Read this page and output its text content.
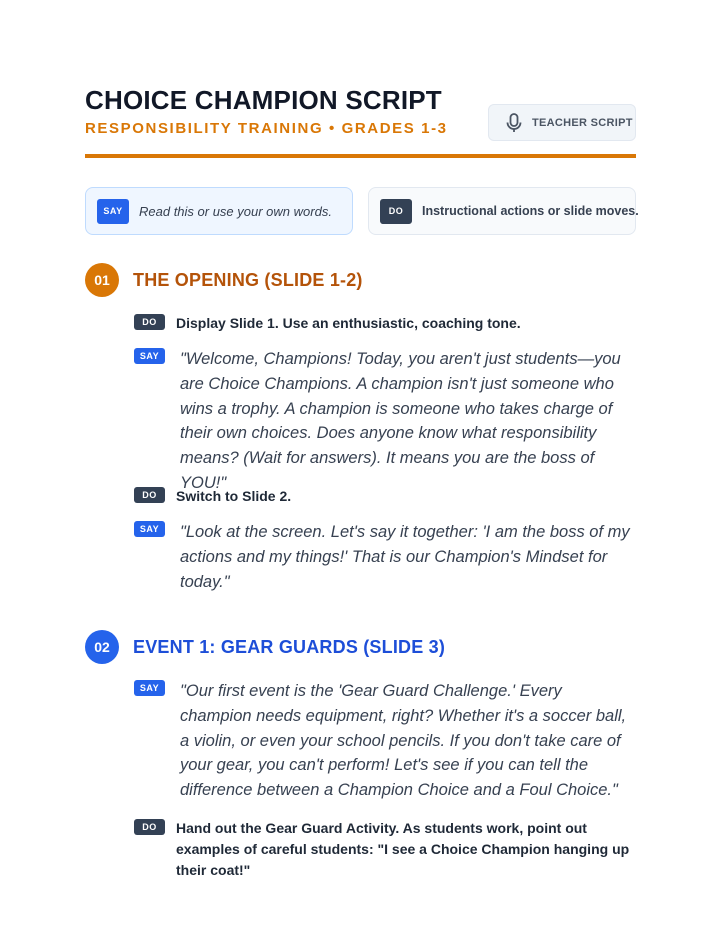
CHOICE CHAMPION SCRIPT
RESPONSIBILITY TRAINING • GRADES 1-3	TEACHER SCRIPT
SAY	Read this or use your own words.	DO	Instructional actions or slide moves.
01	THE OPENING (SLIDE 1-2)
DO	Display Slide 1. Use an enthusiastic, coaching tone.
SAY	"Welcome, Champions! Today, you aren't just students—you are Choice Champions. A champion isn't just someone who wins a trophy. A champion is someone who takes charge of their own choices. Does anyone know what responsibility means? (Wait for answers). It means you are the boss of YOU!"
DO	Switch to Slide 2.
SAY	"Look at the screen. Let's say it together: 'I am the boss of my actions and my things!' That is our Champion's Mindset for today."
02	EVENT 1: GEAR GUARDS (SLIDE 3)
SAY	"Our first event is the 'Gear Guard Challenge.' Every champion needs equipment, right? Whether it's a soccer ball, a violin, or even your school pencils. If you don't take care of your gear, you can't perform! Let's see if you can tell the difference between a Champion Choice and a Foul Choice."
DO	Hand out the Gear Guard Activity. As students work, point out examples of careful students: "I see a Choice Champion hanging up their coat!"
